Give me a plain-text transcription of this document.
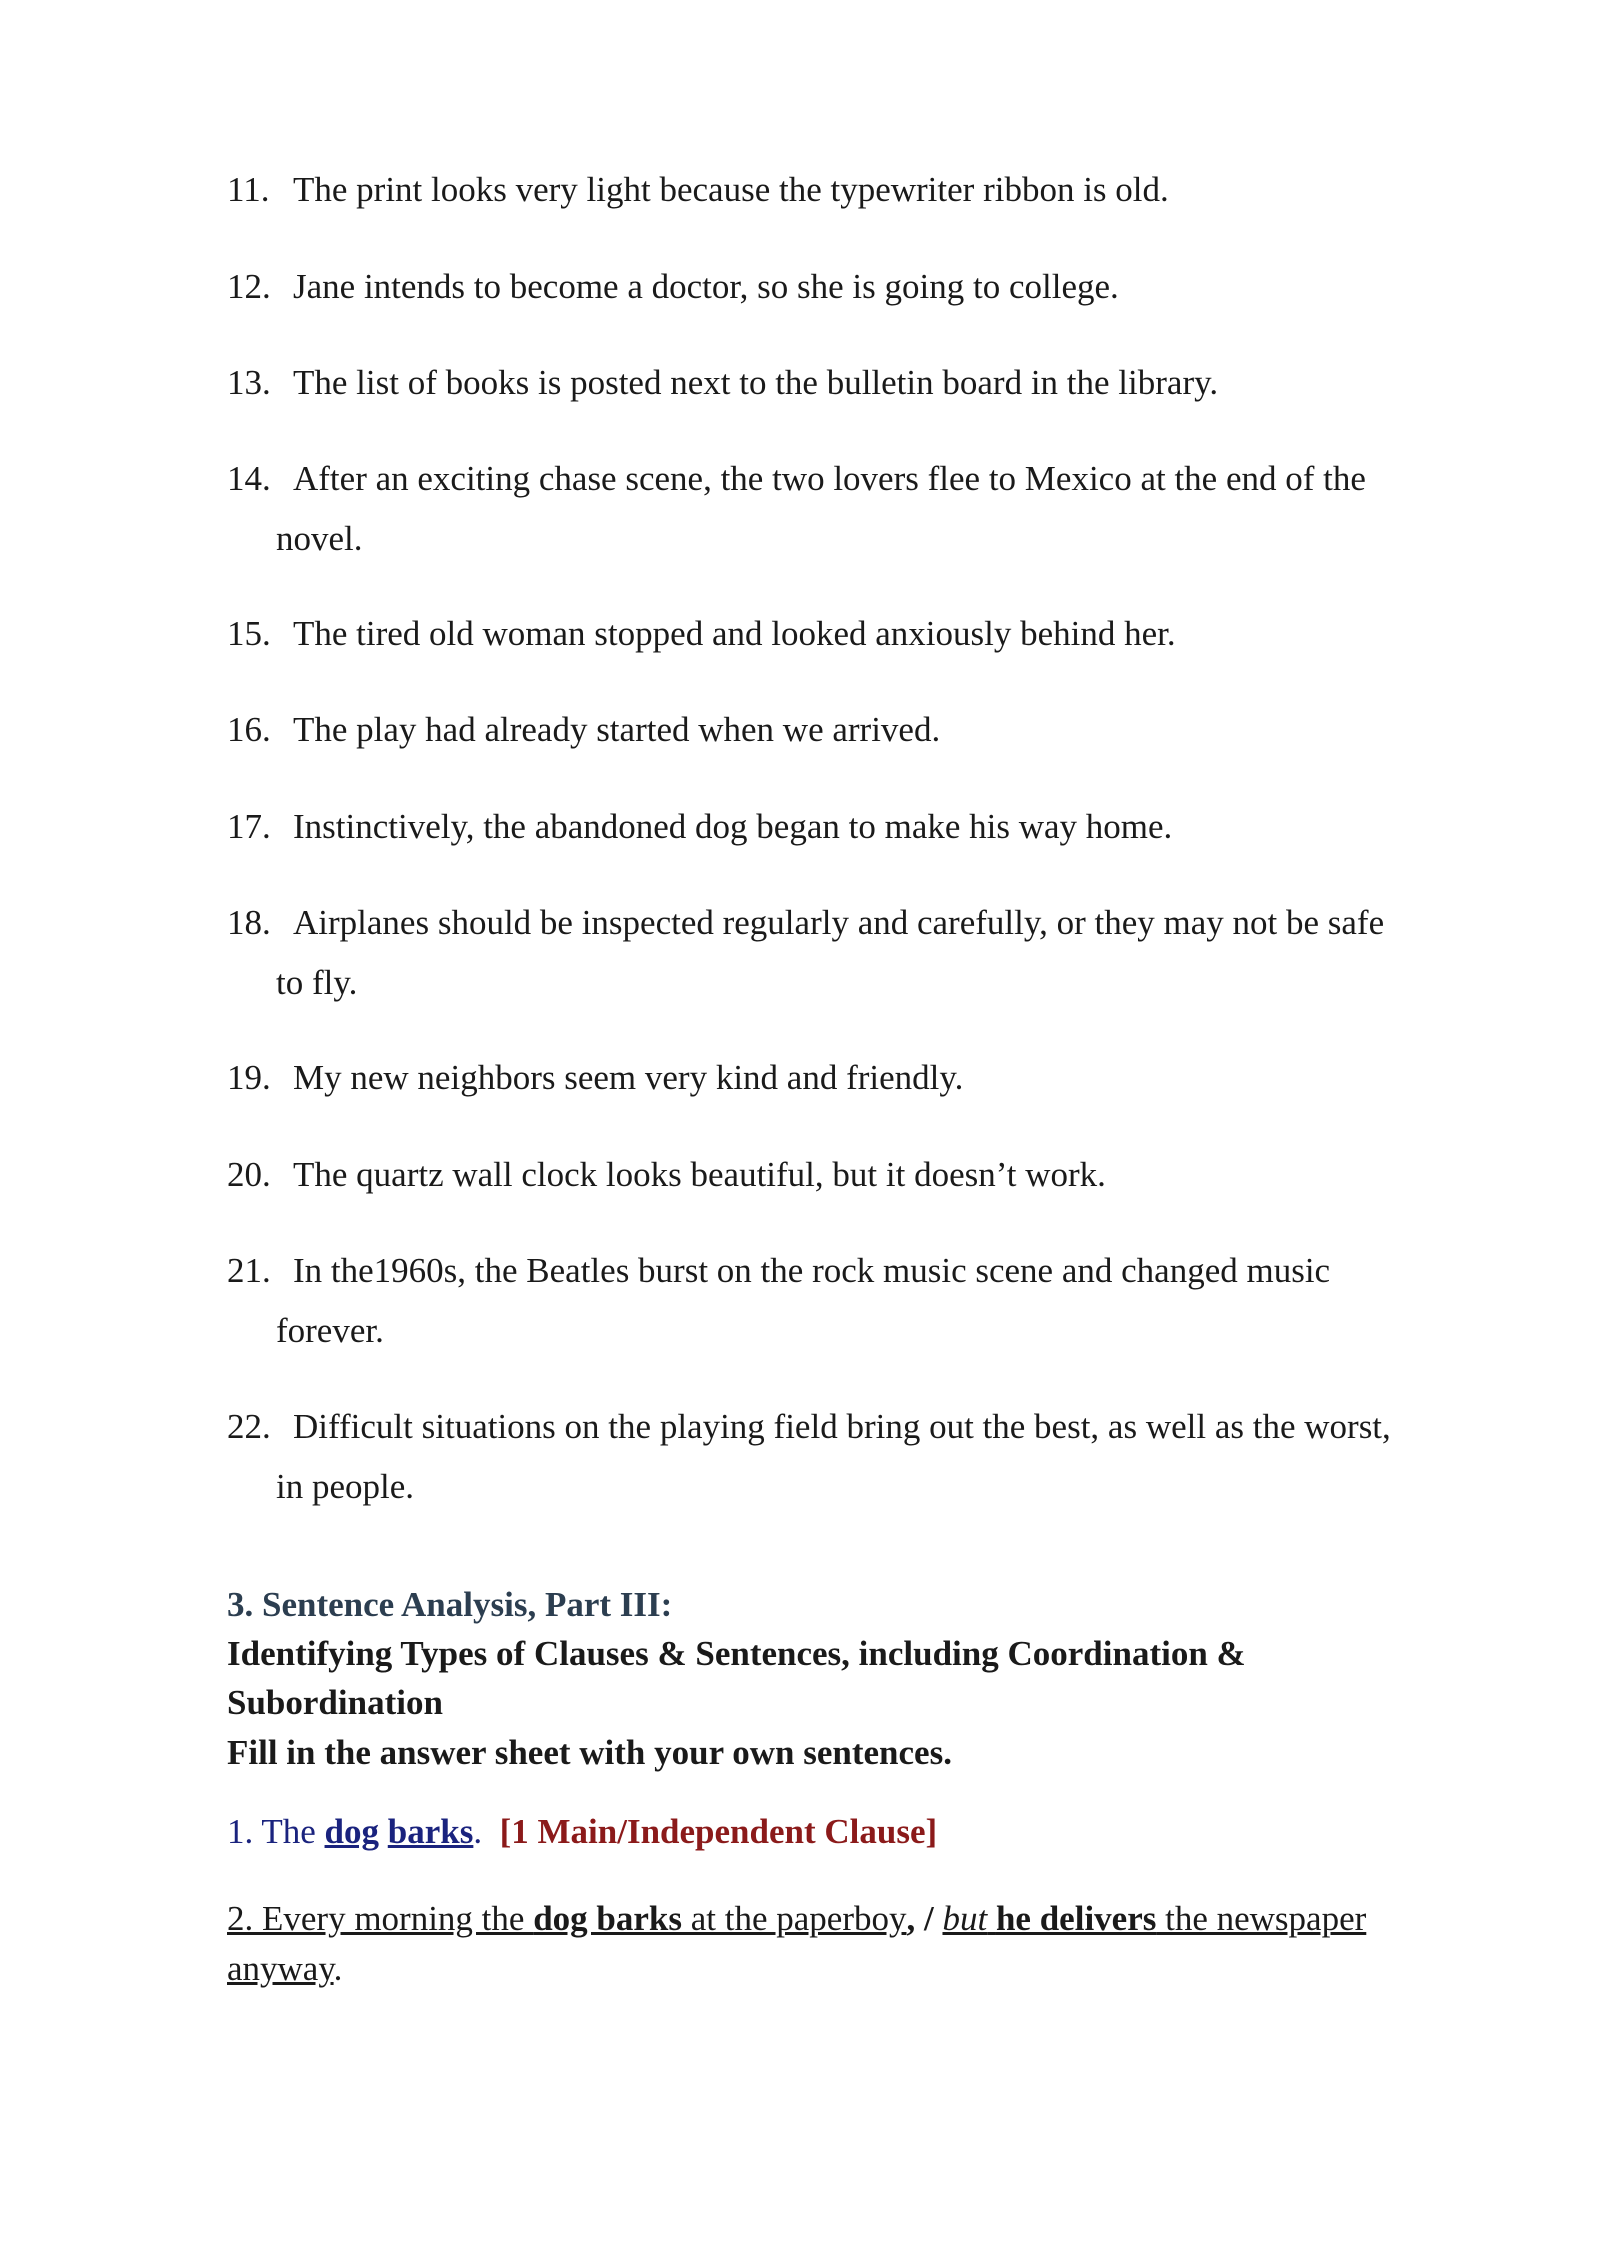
11. The print looks very light because the typewriter ribbon is old.
12. Jane intends to become a doctor, so she is going to college.
13. The list of books is posted next to the bulletin board in the library.
14. After an exciting chase scene, the two lovers flee to Mexico at the end of the
novel.
15. The tired old woman stopped and looked anxiously behind her.
16. The play had already started when we arrived.
17. Instinctively, the abandoned dog began to make his way home.
18. Airplanes should be inspected regularly and carefully, or they may not be safe
to fly.
19. My new neighbors seem very kind and friendly.
20. The quartz wall clock looks beautiful, but it doesn’t work.
21. In the1960s, the Beatles burst on the rock music scene and changed music
forever.
22. Difficult situations on the playing field bring out the best, as well as the worst,
in people.
3. Sentence Analysis, Part III:
Identifying Types of Clauses & Sentences, including Coordination &
Subordination
Fill in the answer sheet with your own sentences.
1. The dog barks. [1 Main/Independent Clause]
2. Every morning the dog barks at the paperboy, / but he delivers the newspaper
anyway.
